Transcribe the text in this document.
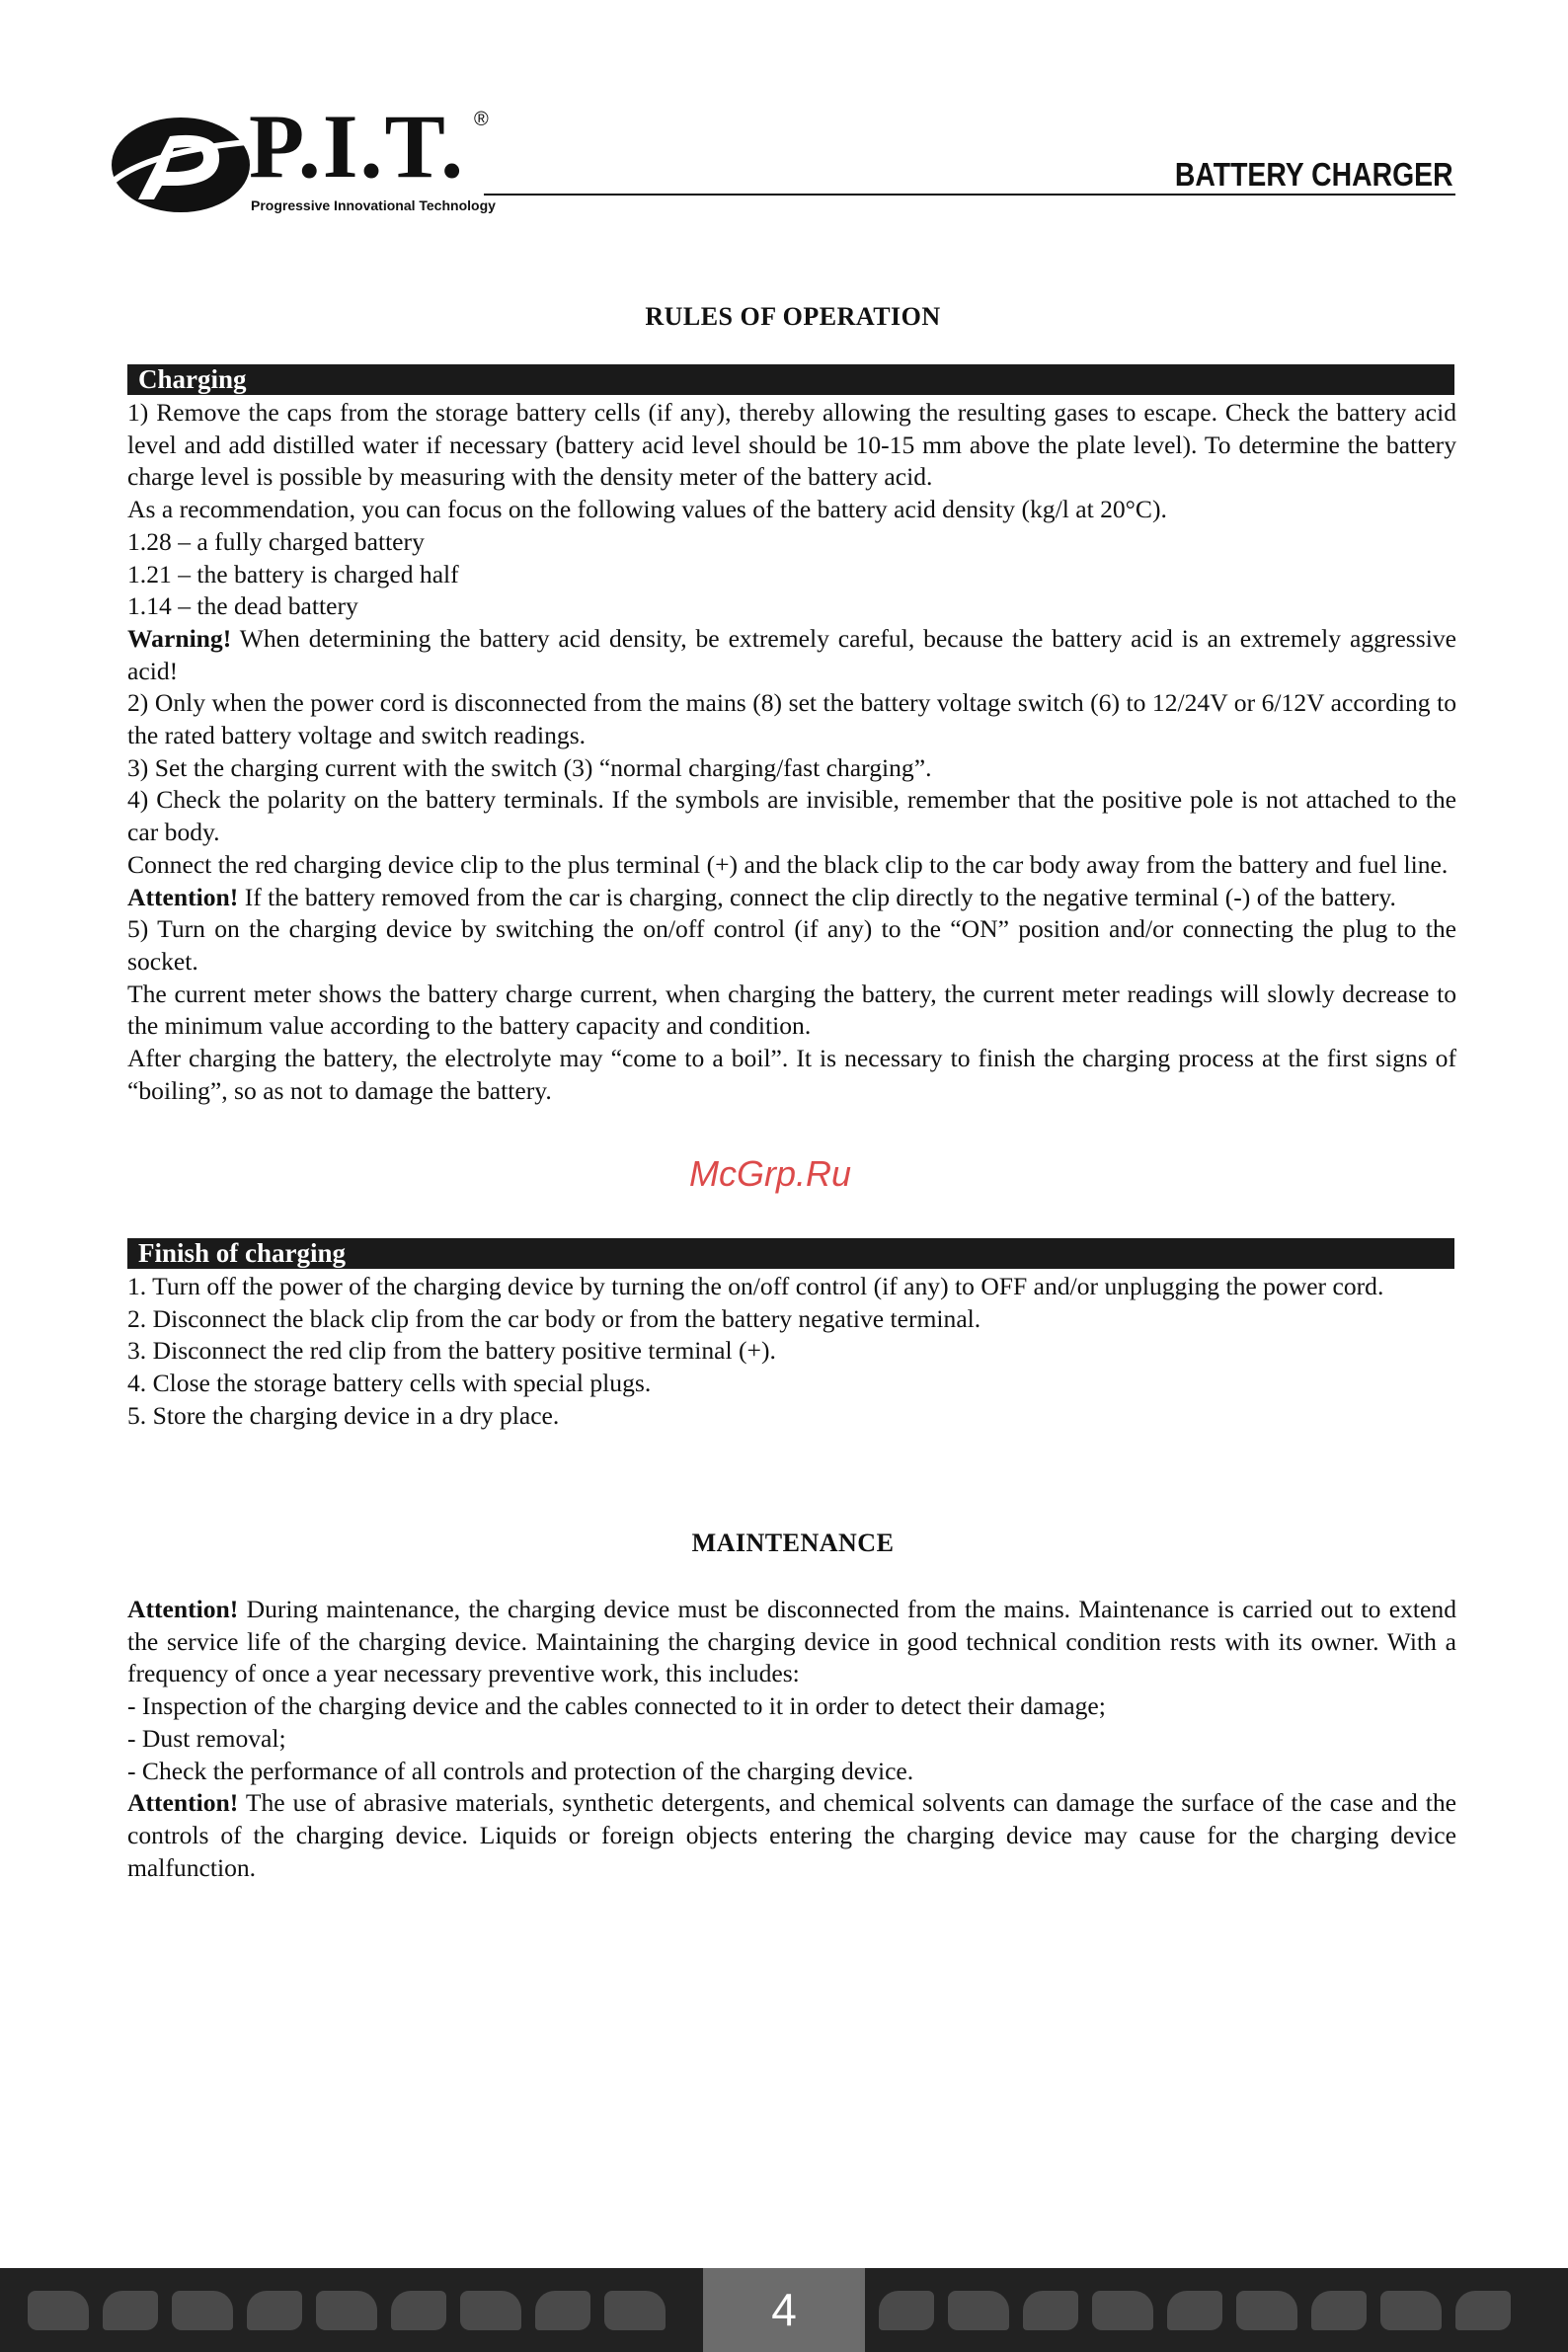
P.I.T. ®
Progressive Innovational Technology
BATTERY CHARGER
RULES OF OPERATION
Charging

1) Remove the caps from the storage battery cells (if any), thereby allowing the resulting gases to escape. Check the battery acid level and add distilled water if necessary (battery acid level should be 10-15 mm above the plate level). To determine the battery charge level is possible by measuring with the density meter of the battery acid.

As a recommendation, you can focus on the following values of the battery acid density (kg/l at 20°C).

1.28 – a fully charged battery

1.21 – the battery is charged half

1.14 – the dead battery

Warning! When determining the battery acid density, be extremely careful, because the battery acid is an extremely aggressive acid!

2) Only when the power cord is disconnected from the mains (8) set the battery voltage switch (6) to 12/24V or 6/12V according to the rated battery voltage and switch readings.

3) Set the charging current with the switch (3) “normal charging/fast charging”.

4) Check the polarity on the battery terminals. If the symbols are invisible, remember that the positive pole is not attached to the car body.

Connect the red charging device clip to the plus terminal (+) and the black clip to the car body away from the battery and fuel line.

Attention! If the battery removed from the car is charging, connect the clip directly to the negative terminal (-) of the battery.

5) Turn on the charging device by switching the on/off control (if any) to the “ON” position and/or connecting the plug to the socket.

The current meter shows the battery charge current, when charging the battery, the current meter readings will slowly decrease to the minimum value according to the battery capacity and condition.

After charging the battery, the electrolyte may “come to a boil”. It is necessary to finish the charging process at the first signs of “boiling”, so as not to damage the battery.

McGrp.Ru
Finish of charging

1. Turn off the power of the charging device by turning the on/off control (if any) to OFF and/or unplugging the power cord.

2. Disconnect the black clip from the car body or from the battery negative terminal.

3. Disconnect the red clip from the battery positive terminal (+).

4. Close the storage battery cells with special plugs.

5. Store the charging device in a dry place.

MAINTENANCE

Attention! During maintenance, the charging device must be disconnected from the mains. Maintenance is carried out to extend the service life of the charging device. Maintaining the charging device in good technical condition rests with its owner. With a frequency of once a year necessary preventive work, this includes:

- Inspection of the charging device and the cables connected to it in order to detect their damage;

- Dust removal;

- Check the performance of all controls and protection of the charging device.

Attention! The use of abrasive materials, synthetic detergents, and chemical solvents can damage the surface of the case and the controls of the charging device. Liquids or foreign objects entering the charging device may cause for the charging device malfunction.

4
